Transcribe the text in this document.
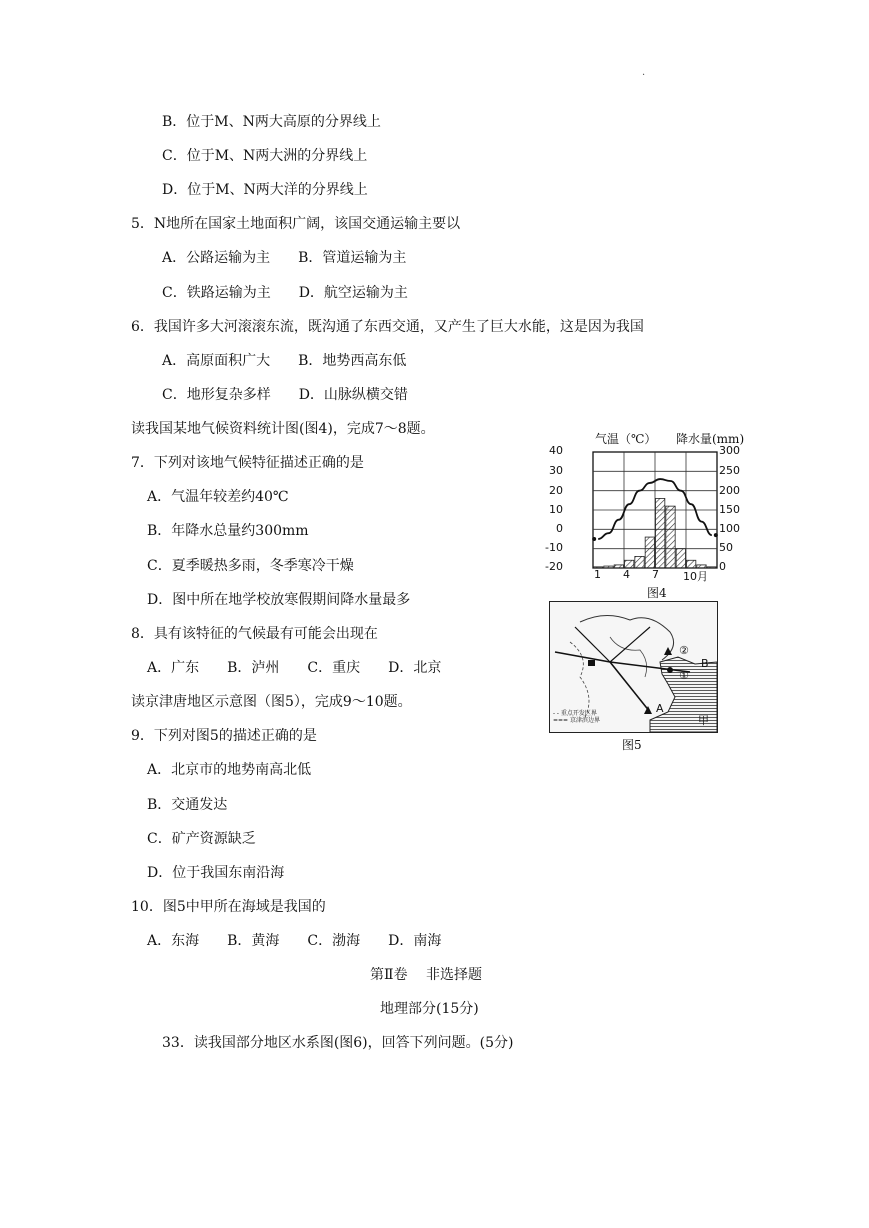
·
B．位于M、N两大高原的分界线上
C．位于M、N两大洲的分界线上
D．位于M、N两大洋的分界线上
5．N地所在国家土地面积广阔，该国交通运输主要以
A．公路运输为主　　B．管道运输为主
C．铁路运输为主　　D．航空运输为主
6．我国许多大河滚滚东流，既沟通了东西交通，又产生了巨大水能，这是因为我国
A．高原面积广大　　B．地势西高东低
C．地形复杂多样　　D．山脉纵横交错
读我国某地气候资料统计图(图4)，完成7～8题。
7．下列对该地气候特征描述正确的是
A．气温年较差约40℃
B．年降水总量约300mm
C．夏季暖热多雨，冬季寒冷干燥
D．图中所在地学校放寒假期间降水量最多
8．具有该特征的气候最有可能会出现在
A．广东　　B．泸州　　C．重庆　　D．北京
读京津唐地区示意图（图5），完成9～10题。
9．下列对图5的描述正确的是
A．北京市的地势南高北低
B．交通发达
C．矿产资源缺乏
D．位于我国东南沿海
10．图5中甲所在海域是我国的
A．东海　　B．黄海　　C．渤海　　D．南海
第Ⅱ卷　 非选择题
地理部分(15分)
33．读我国部分地区水系图(图6)，回答下列问题。(5分)
气温（℃） 降水量(mm)
40
30
20
10
0
-10
-20
300
250
200
150
100
50
0
1 4 7 10月
图4
②
①
B
A
甲
- - 重点开发区界
=== 京津滨边界
图5
